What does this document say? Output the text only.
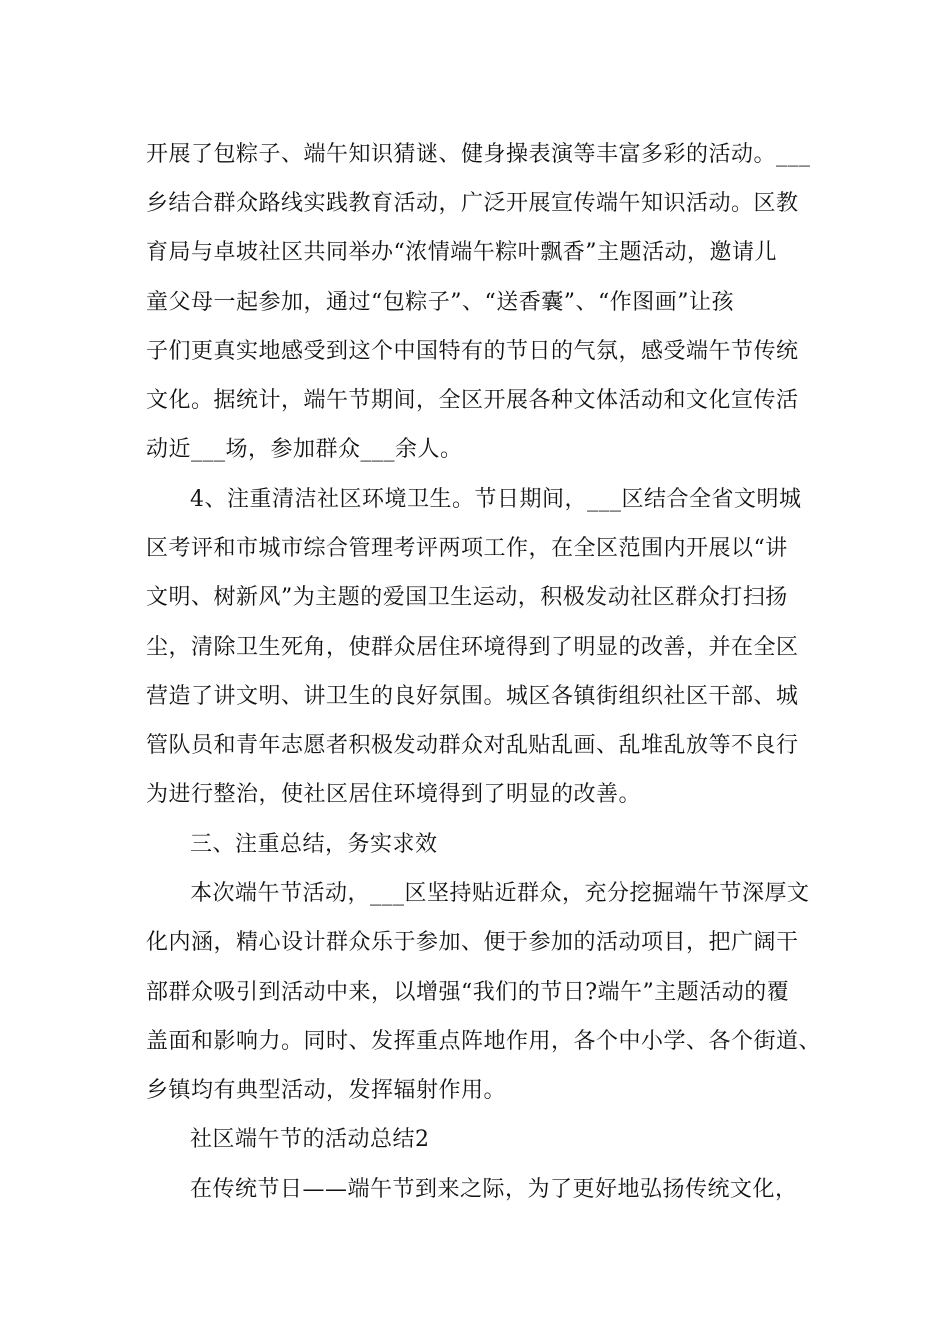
开展了包粽子、端午知识猜谜、健身操表演等丰富多彩的活动。___
乡结合群众路线实践教育活动，广泛开展宣传端午知识活动。区教
育局与卓坡社区共同举办“浓情端午粽叶飘香”主题活动，邀请儿
童父母一起参加，通过“包粽子”、“送香囊”、“作图画”让孩
子们更真实地感受到这个中国特有的节日的气氛，感受端午节传统
文化。据统计，端午节期间，全区开展各种文体活动和文化宣传活
动近___场，参加群众___余人。
4、注重清洁社区环境卫生。节日期间，___区结合全省文明城
区考评和市城市综合管理考评两项工作，在全区范围内开展以“讲
文明、树新风”为主题的爱国卫生运动，积极发动社区群众打扫扬
尘，清除卫生死角，使群众居住环境得到了明显的改善，并在全区
营造了讲文明、讲卫生的良好氛围。城区各镇街组织社区干部、城
管队员和青年志愿者积极发动群众对乱贴乱画、乱堆乱放等不良行
为进行整治，使社区居住环境得到了明显的改善。
三、注重总结，务实求效
本次端午节活动，___区坚持贴近群众，充分挖掘端午节深厚文
化内涵，精心设计群众乐于参加、便于参加的活动项目，把广阔干
部群众吸引到活动中来，以增强“我们的节日?端午”主题活动的覆
盖面和影响力。同时、发挥重点阵地作用，各个中小学、各个街道、
乡镇均有典型活动，发挥辐射作用。
社区端午节的活动总结2
在传统节日——端午节到来之际，为了更好地弘扬传统文化，
